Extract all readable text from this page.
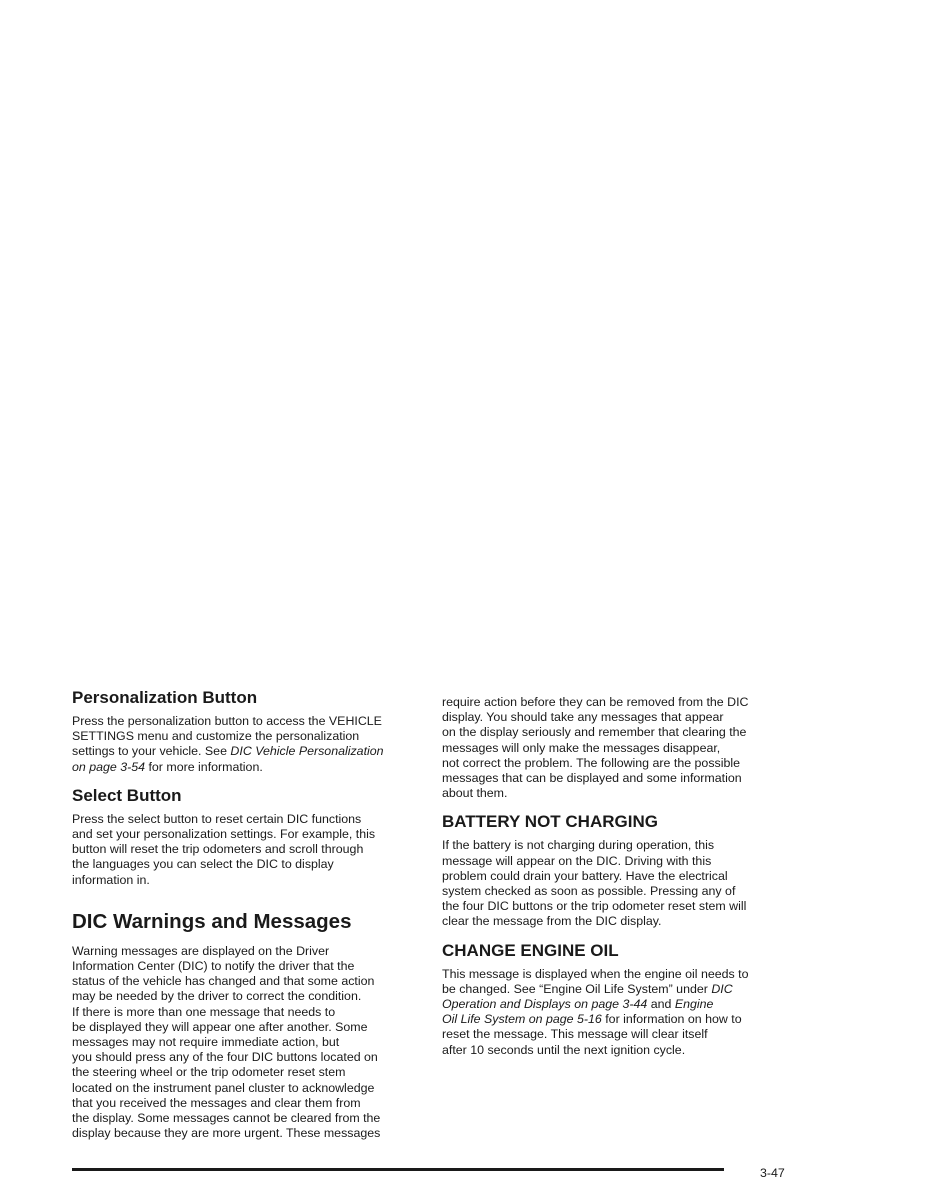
Personalization Button

Press the personalization button to access the VEHICLE
SETTINGS menu and customize the personalization
settings to your vehicle. See DIC Vehicle Personalization
on page 3-54 for more information.

Select Button

Press the select button to reset certain DIC functions
and set your personalization settings. For example, this
button will reset the trip odometers and scroll through
the languages you can select the DIC to display
information in.

DIC Warnings and Messages

Warning messages are displayed on the Driver
Information Center (DIC) to notify the driver that the
status of the vehicle has changed and that some action
may be needed by the driver to correct the condition.
If there is more than one message that needs to
be displayed they will appear one after another. Some
messages may not require immediate action, but
you should press any of the four DIC buttons located on
the steering wheel or the trip odometer reset stem
located on the instrument panel cluster to acknowledge
that you received the messages and clear them from
the display. Some messages cannot be cleared from the
display because they are more urgent. These messages

require action before they can be removed from the DIC
display. You should take any messages that appear
on the display seriously and remember that clearing the
messages will only make the messages disappear,
not correct the problem. The following are the possible
messages that can be displayed and some information
about them.

BATTERY NOT CHARGING

If the battery is not charging during operation, this
message will appear on the DIC. Driving with this
problem could drain your battery. Have the electrical
system checked as soon as possible. Pressing any of
the four DIC buttons or the trip odometer reset stem will
clear the message from the DIC display.

CHANGE ENGINE OIL

This message is displayed when the engine oil needs to
be changed. See “Engine Oil Life System” under DIC
Operation and Displays on page 3-44 and Engine
Oil Life System on page 5-16 for information on how to
reset the message. This message will clear itself
after 10 seconds until the next ignition cycle.

3-47
